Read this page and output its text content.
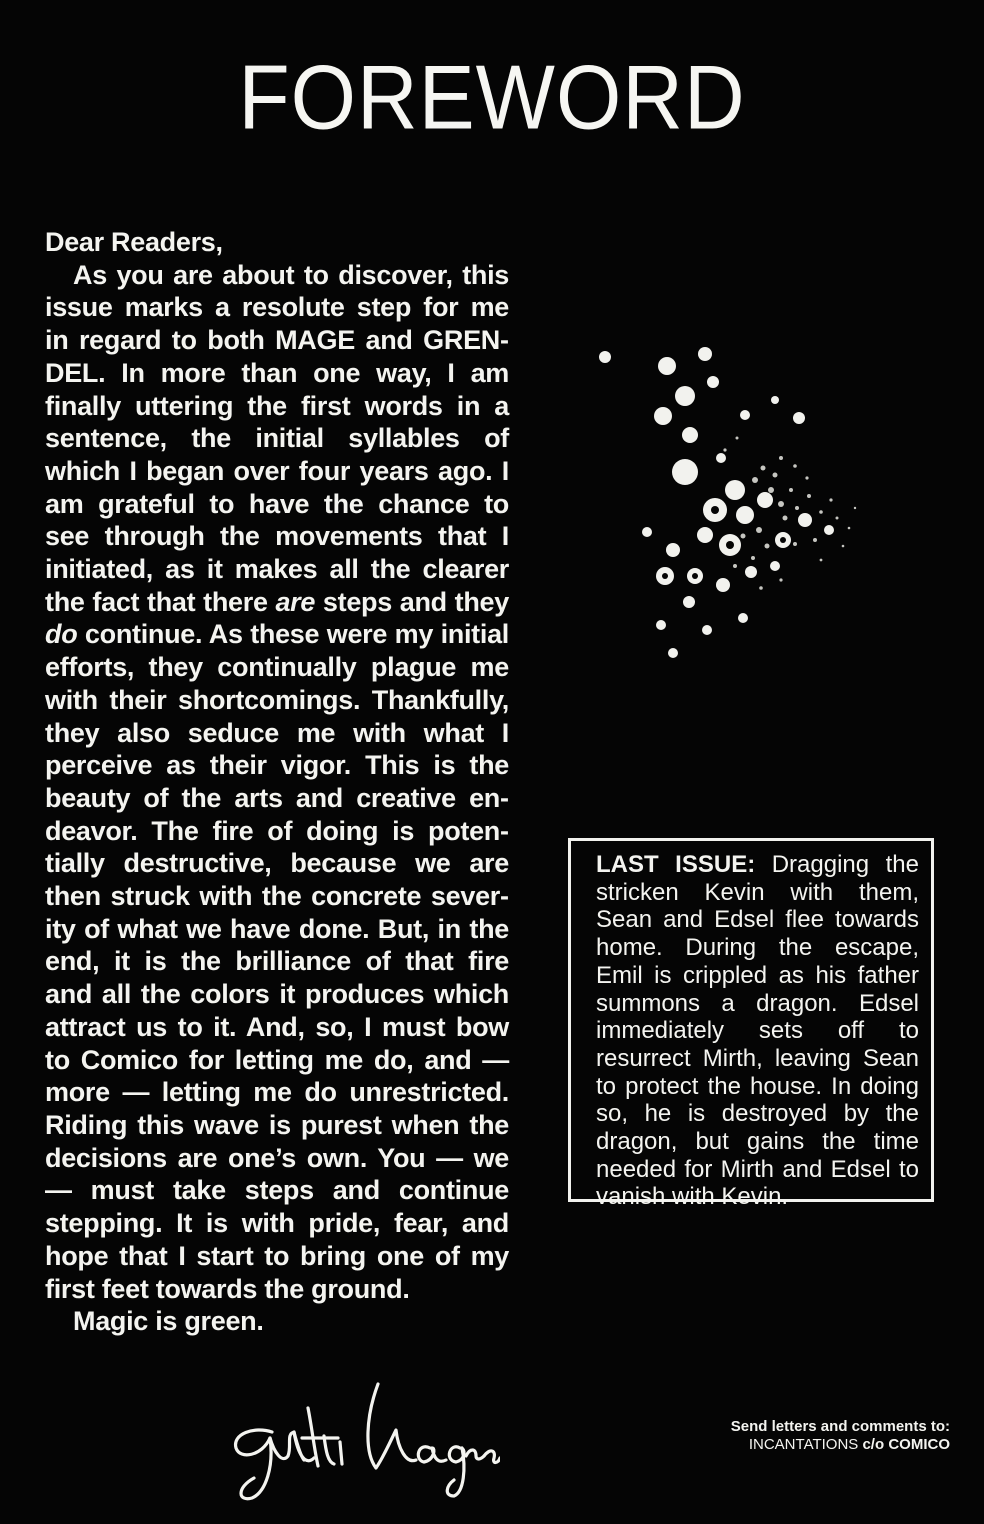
FOREWORD

Dear Readers,

As you are about to discover, this issue marks a resolute step for me in regard to both MAGE and GRENDEL. In more than one way, I am finally uttering the first words in a sentence, the initial syllables of which I began over four years ago. I am grateful to have the chance to see through the movements that I initiated, as it makes all the clearer the fact that there are steps and they do continue. As these were my initial efforts, they continually plague me with their shortcomings. Thankfully, they also seduce me with what I perceive as their vigor. This is the beauty of the arts and creative endeavor. The fire of doing is potentially destructive, because we are then struck with the concrete severity of what we have done. But, in the end, it is the brilliance of that fire and all the colors it produces which attract us to it. And, so, I must bow to Comico for letting me do, and — more — letting me do unrestricted. Riding this wave is purest when the decisions are one’s own. You — we — must take steps and continue stepping. It is with pride, fear, and hope that I start to bring one of my first feet towards the ground.

Magic is green.

LAST ISSUE: Dragging the stricken Kevin with them, Sean and Edsel flee towards home. During the escape, Emil is crippled as his father summons a dragon. Edsel immediately sets off to resurrect Mirth, leaving Sean to protect the house. In doing so, he is destroyed by the dragon, but gains the time needed for Mirth and Edsel to vanish with Kevin.

Send letters and comments to:
INCANTATIONS c/o COMICO
